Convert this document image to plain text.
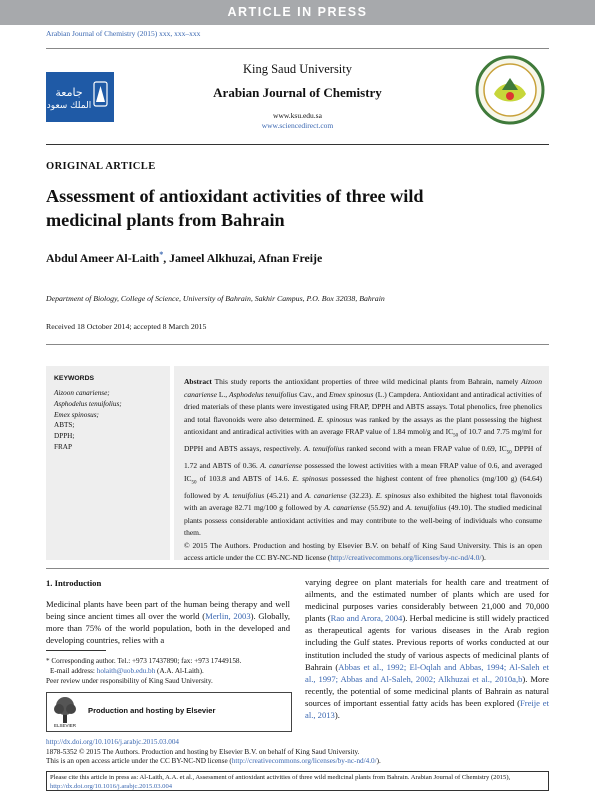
ARTICLE IN PRESS
Arabian Journal of Chemistry (2015) xxx, xxx–xxx
جامعة
الملك سعود
King Saud University
Arabian Journal of Chemistry
www.ksu.edu.sa
www.sciencedirect.com
ORIGINAL ARTICLE
Assessment of antioxidant activities of three wild
medicinal plants from Bahrain
Abdul Ameer Al-Laith*, Jameel Alkhuzai, Afnan Freije
Department of Biology, College of Science, University of Bahrain, Sakhir Campus, P.O. Box 32038, Bahrain
Received 18 October 2014; accepted 8 March 2015
KEYWORDS
Aizoon canariense;
Asphodelus tenuifolius;
Emex spinosus;
ABTS;
DPPH;
FRAP
Abstract This study reports the antioxidant properties of three wild medicinal plants from Bahrain, namely Aizoon canariense L., Asphodelus tenuifolius Cav., and Emex spinosus (L.) Campdera. Antioxidant and antiradical activities of dried materials of these plants were investigated using FRAP, DPPH and ABTS assays. Total phenolics, free phenolics and total flavonoids were also determined. E. spinosus was ranked by the assays as the plant possessing the highest antioxidant and antiradical activities with an average FRAP value of 1.84 mmol/g and $IC_{50}$ of 10.7 and 7.75 mg/ml for DPPH and ABTS assays, respectively. A. tenuifolius ranked second with a mean FRAP value of 0.69, $IC_{50}$ DPPH of 1.72 and ABTS of 0.36. A. canariense possessed the lowest activities with a mean FRAP value of 0.6, and averaged $IC_{50}$ of 103.8 and ABTS of 14.6. E. spinosus possessed the highest content of free phenolics (mg/100 g) (64.64) followed by A. tenuifolius (45.21) and A. canariense (32.23). E. spinosus also exhibited the highest total flavonoids with an average 82.71 mg/100 g followed by A. canariense (55.92) and A. tenuifolius (49.10). The studied medicinal plants possess considerable antioxidant activities and may contribute to the well-being of individuals who consume them.
© 2015 The Authors. Production and hosting by Elsevier B.V. on behalf of King Saud University. This is an open access article under the CC BY-NC-ND license (http://creativecommons.org/licenses/by-nc-nd/4.0/).
1. Introduction
Medicinal plants have been part of the human being therapy and well being since ancient times all over the world (Merlin, 2003). Globally, more than 75% of the world population, both in the developed and developing countries, relies with a
* Corresponding author. Tel.: +973 17437890; fax: +973 17449158.
E-mail address: holaith@uob.edu.bh (A.A. Al-Laith).
Peer review under responsibility of King Saud University.
ELSEVIER
Production and hosting by Elsevier
varying degree on plant materials for health care and treatment of ailments, and the estimated number of plants which are used for medicinal purposes varies considerably between 21,000 and 70,000 plants (Rao and Arora, 2004). Herbal medicine is still widely practiced as therapeutical agents for various diseases in the Arab region including the Gulf states. Previous reports of works conducted at our institution included the study of various aspects of medicinal plants of Bahrain (Abbas et al., 1992; El-Oqlah and Abbas, 1994; Al-Saleh et al., 1997; Abbas and Al-Saleh, 2002; Alkhuzai et al., 2010a,b). More recently, the potential of some medicinal plants of Bahrain as natural sources of important essential fatty acids has been explored (Freije et al., 2013).
http://dx.doi.org/10.1016/j.arabjc.2015.03.004
1878-5352 © 2015 The Authors. Production and hosting by Elsevier B.V. on behalf of King Saud University.
This is an open access article under the CC BY-NC-ND license (http://creativecommons.org/licenses/by-nc-nd/4.0/).
Please cite this article in press as: Al-Laith, A.A. et al., Assessment of antioxidant activities of three wild medicinal plants from Bahrain. Arabian Journal of Chemistry (2015), http://dx.doi.org/10.1016/j.arabjc.2015.03.004
